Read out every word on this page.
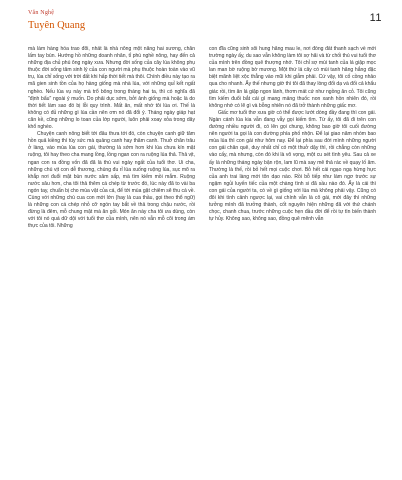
Văn Nghệ
Tuyên Quang
11

mà làm hàng hóa trao đổi, nhất là nhà nông một năng hai sương, chân lấm tay bùn. Hướng hồ những doanh nhân, tỉ phú nghề nông, hay đến cả những địa chủ phú ông ngày xưa. Nhưng đời sống của cây lúa không phụ thuộc đời sống tâm sinh lý của con người mà phụ thuộc hoàn toàn vào vũ trụ, lúa chỉ sống với trời đất khi hấp thời tiết mà thôi. Chính điều này tạo ra mã gien sinh tồn của họ hàng giống mà nhà lúa, với những quỉ kết ngất nghèo. Nếu lúa vụ này mà trổ bông trong tháng hai ta, thì có nghĩa đã "định bẩu" ngoài ý muốn. Do phải dục sớm, bởi ảnh giống mà hoặc là do thời tiết làm sao đó bị lỗi quy trình. Mất ăn, mất nhớ tôi lúa ơi. Thế là không có đủ những gì lúa cần nên ơm nó đã đổi ý. Tháng ngày giáp hạt căn kề, cũng những lo toan của lớp người, luôn phải xoay xỏa trong dây khổ nghèo.

Chuyện canh nông biết tới đâu thưa tới đó, còn chuyện canh giữ tâm hồn quả kiềng thì tùy sức mà quảng canh hay thâm canh. Thuở chăn trâu ở làng, vào mùa lúa con gái, thường là sớm hơn khi lúa chưa kín mặt ruộng, tôi hay theo cha mang lồng, lồng ngan con ra ruộng lúa thả. Thả vịt, ngan con ra đồng vốn đã đã là thú vui ngày ngất của tuổi thơ. Ui cha, những chú vịt con dễ thương, chúng đu rỉ lúa xuống ruộng lúa, sục mõ ra khắp nơi đuổi mặt bùn nước sâm sấp, mà tìm kiếm mồi mắm. Ruộng nước sâu hơn, cha tôi thả thêm cá chép từ trước đó, lúc này đã to vài ba ngón tay, chuẩn bị cho mùa vật của cá, để tới mùa gặt chiêm sẽ thu cá về. Cùng với những chú cua con mới lớn (hay là cua thầu, gọi theo thổ ngữ) là những con cá chép nhỏ cỡ ngón tay bắt về thả trong chậu nước, rồi đừng là đêm, mỗ chung mặt mà ăn gỏi. Món ăn này cha tôi ưa dùng, còn với tôi nó quá dữ dội với tuổi thơ của mình, nên nó vẫn mỗ cõi trong ám thực của tôi. Những

con đĩa cũng sinh sôi hung hăng mau le, nơi đồng đất thanh sạch về mới trường ngày ấy, du sao vẫn không làm tôi sợ hãi và từ chối thú vui tuổi thơ của mình trên đồng quê thượng nhớ. Tôi chỉ sợ mùi tanh của lá giập mọc lan man bờ ruộng bờ mương. Một thứ lá cây có mùi tanh hăng hắng đặc biệt mãnh liệt xộc thẳng vào mũi khi giẫm phải. Cứ vậy, tôi cố cồng nhảo qua cho nhanh. Ấy thế nhưng giờ thì tôi đã thay lòng đổi dạ và đổi cả khẩu giác rồi, tìm ăn lá giập ngon lành, thơm mát cứ như ngồng ăn cỏ. Tôi cũng tìm kiếm đuổi bắt cái gì mang mảng thuốc non xanh hồn nhiên đó, rồi không nhớ có lẽ gì và bỗng nhiên nó đã trở thành những giấc mơ.

Giấc mơ tuổi thơ xưa giờ có thể được lướt dòng đầy đang thì con gái. Ngàn cánh lúa kia vẫn đang vẫy gọi kiếm tìm. Từ ấy, tôi đã đi trên con đường nhiều người đi, có lên gọi chung, không bao giờ tôi cuối đường nên người ta gọi là con đường phía phố nhộn. Để lại giao năm nhóm bao mùa lúa thì con gái như hôm nay. Để lại phía sau đời mình những người con gái chân quê, duy nhất chỉ có một thuở dậy thì, rồi chẳng còn những vào cấy, mà nhưng, còn đó khi là vô vọng, một cu sét tình yêu. Sau cả xe ấy là những tháng ngày bận rộn, lam lũ mà say mê thả rác về quạy lố ăm. Thường là thế, rồi bỏ hết mọi cuộc chơi. Bỏ hết cái ngạo ngạ hừng hực của anh trai làng mới tôn dạo nào. Rồi bỗ tiếp như làm ngơ trước sự ngậm ngủi luyến tiếc của một chàng tình si đã sầu nào đó. Ấy là cái thì con gái của người ta, có về gì giống với lúa mà không phải vậy. Cũng có đôi khi tình cảnh ngược lại, vai chính vẫn là cô gái, mới đây thì những tưởng mình đã trưởng thành, cốt nguyên hiện những đã với thứ chánh chọc, chanh chua, trước những cuộc hẹn đầu đời để rồi tự tìn biến thành tự hủy. Không sao, không sao, đồng quê mênh vẫn
